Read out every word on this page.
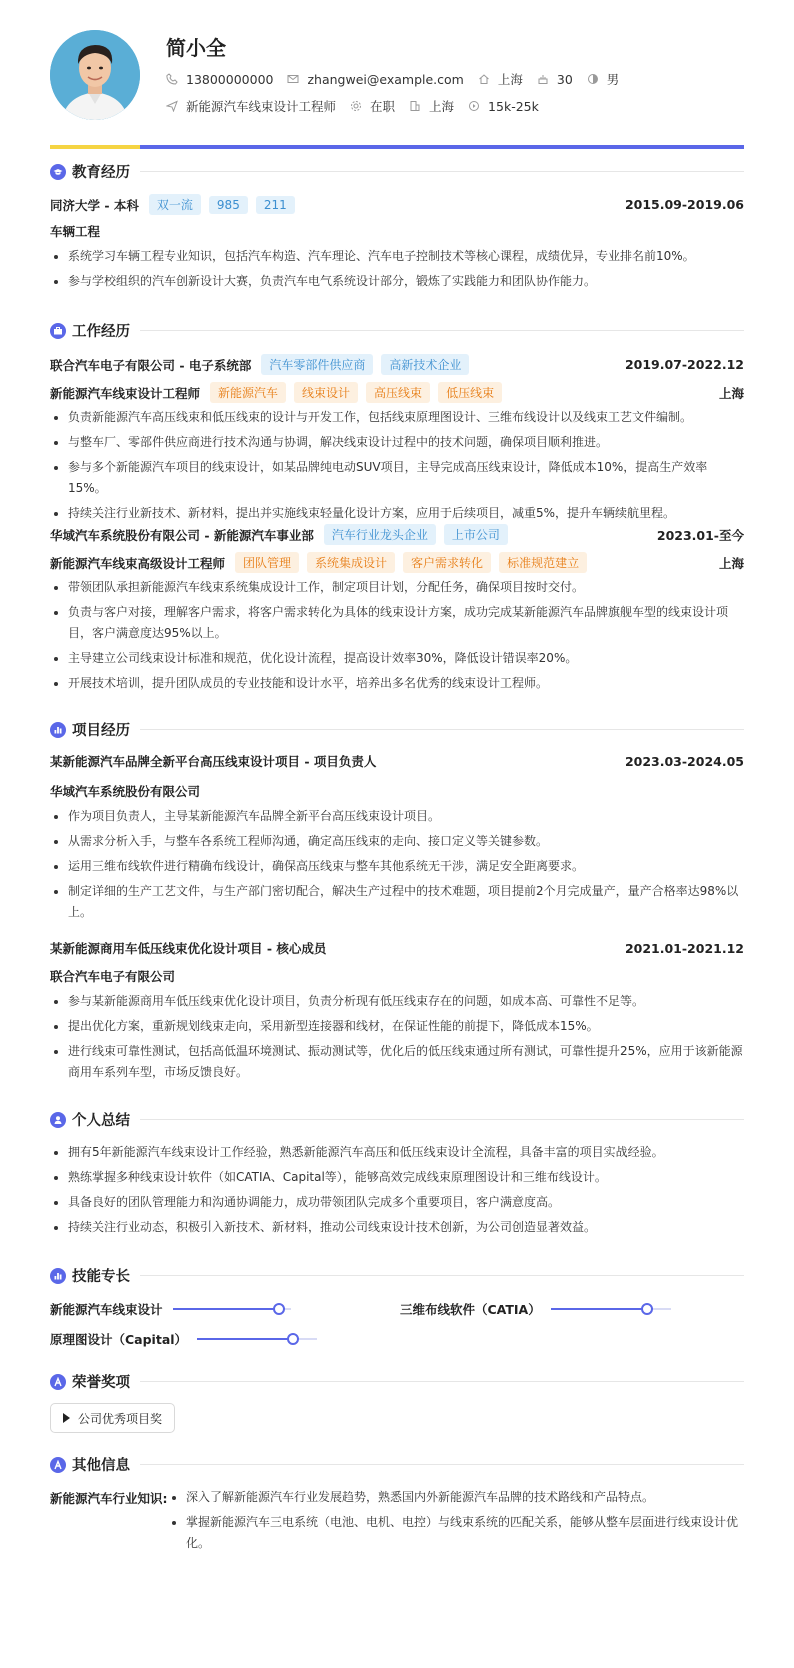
简小全
13800000000	zhangwei@example.com	上海	30	男
新能源汽车线束设计工程师	在职	上海	15k-25k
教育经历
同济大学 - 本科	双一流	985	211	2015.09-2019.06
车辆工程
系统学习车辆工程专业知识，包括汽车构造、汽车理论、汽车电子控制技术等核心课程，成绩优异，专业排名前10%。
参与学校组织的汽车创新设计大赛，负责汽车电气系统设计部分，锻炼了实践能力和团队协作能力。
工作经历
联合汽车电子有限公司 - 电子系统部	汽车零部件供应商	高新技术企业	2019.07-2022.12
新能源汽车线束设计工程师	新能源汽车	线束设计	高压线束	低压线束	上海
负责新能源汽车高压线束和低压线束的设计与开发工作，包括线束原理图设计、三维布线设计以及线束工艺文件编制。
与整车厂、零部件供应商进行技术沟通与协调，解决线束设计过程中的技术问题，确保项目顺利推进。
参与多个新能源汽车项目的线束设计，如某品牌纯电动SUV项目，主导完成高压线束设计，降低成本10%，提高生产效率15%。
持续关注行业新技术、新材料，提出并实施线束轻量化设计方案，应用于后续项目，减重5%，提升车辆续航里程。
华域汽车系统股份有限公司 - 新能源汽车事业部	汽车行业龙头企业	上市公司	2023.01-至今
新能源汽车线束高级设计工程师	团队管理	系统集成设计	客户需求转化	标准规范建立	上海
带领团队承担新能源汽车线束系统集成设计工作，制定项目计划，分配任务，确保项目按时交付。
负责与客户对接，理解客户需求，将客户需求转化为具体的线束设计方案，成功完成某新能源汽车品牌旗舰车型的线束设计项目，客户满意度达95%以上。
主导建立公司线束设计标准和规范，优化设计流程，提高设计效率30%，降低设计错误率20%。
开展技术培训，提升团队成员的专业技能和设计水平，培养出多名优秀的线束设计工程师。
项目经历
某新能源汽车品牌全新平台高压线束设计项目 - 项目负责人	2023.03-2024.05
华域汽车系统股份有限公司
作为项目负责人，主导某新能源汽车品牌全新平台高压线束设计项目。
从需求分析入手，与整车各系统工程师沟通，确定高压线束的走向、接口定义等关键参数。
运用三维布线软件进行精确布线设计，确保高压线束与整车其他系统无干涉，满足安全距离要求。
制定详细的生产工艺文件，与生产部门密切配合，解决生产过程中的技术难题，项目提前2个月完成量产，量产合格率达98%以上。
某新能源商用车低压线束优化设计项目 - 核心成员	2021.01-2021.12
联合汽车电子有限公司
参与某新能源商用车低压线束优化设计项目，负责分析现有低压线束存在的问题，如成本高、可靠性不足等。
提出优化方案，重新规划线束走向，采用新型连接器和线材，在保证性能的前提下，降低成本15%。
进行线束可靠性测试，包括高低温环境测试、振动测试等，优化后的低压线束通过所有测试，可靠性提升25%，应用于该新能源商用车系列车型，市场反馈良好。
个人总结
拥有5年新能源汽车线束设计工作经验，熟悉新能源汽车高压和低压线束设计全流程，具备丰富的项目实战经验。
熟练掌握多种线束设计软件（如CATIA、Capital等），能够高效完成线束原理图设计和三维布线设计。
具备良好的团队管理能力和沟通协调能力，成功带领团队完成多个重要项目，客户满意度高。
持续关注行业动态，积极引入新技术、新材料，推动公司线束设计技术创新，为公司创造显著效益。
技能专长
新能源汽车线束设计	三维布线软件（CATIA）
原理图设计（Capital）
荣誉奖项
公司优秀项目奖
其他信息
新能源汽车行业知识:	深入了解新能源汽车行业发展趋势，熟悉国内外新能源汽车品牌的技术路线和产品特点。
掌握新能源汽车三电系统（电池、电机、电控）与线束系统的匹配关系，能够从整车层面进行线束设计优化。
